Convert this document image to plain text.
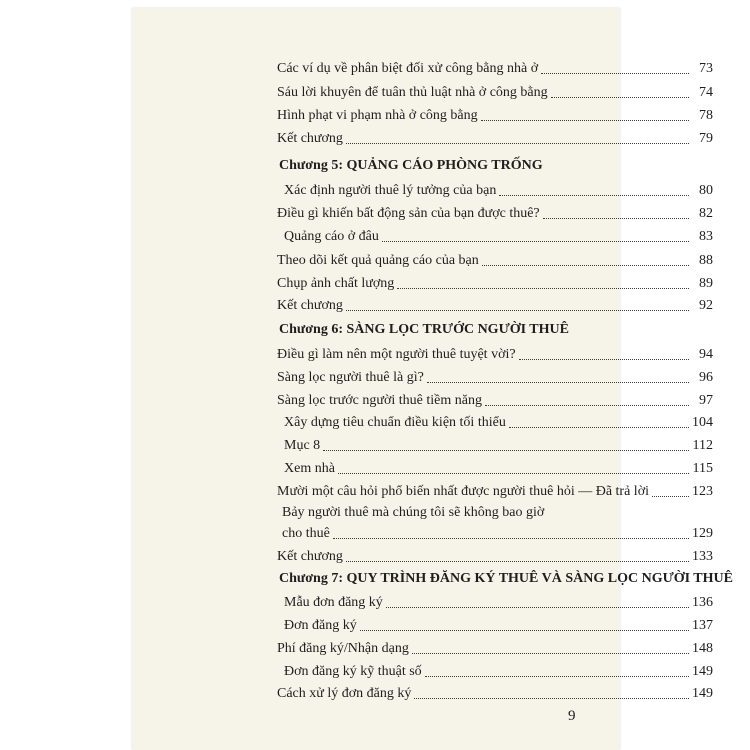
Các ví dụ về phân biệt đối xử công bằng nhà ở	73
Sáu lời khuyên để tuân thủ luật nhà ở công bằng	74
Hình phạt vi phạm nhà ở công bằng	78
Kết chương	79
Chương 5: QUẢNG CÁO PHÒNG TRỐNG
Xác định người thuê lý tưởng của bạn	80
Điều gì khiến bất động sản của bạn được thuê?	82
Quảng cáo ở đâu	83
Theo dõi kết quả quảng cáo của bạn	88
Chụp ảnh chất lượng	89
Kết chương	92
Chương 6: SÀNG LỌC TRƯỚC NGƯỜI THUÊ
Điều gì làm nên một người thuê tuyệt vời?	94
Sàng lọc người thuê là gì?	96
Sàng lọc trước người thuê tiềm năng	97
Xây dựng tiêu chuẩn điều kiện tối thiểu	104
Mục 8	112
Xem nhà	115
Mười một câu hỏi phổ biến nhất được người thuê hỏi — Đã trả lời	123
Bảy người thuê mà chúng tôi sẽ không bao giờ
cho thuê	129
Kết chương	133
Chương 7: QUY TRÌNH ĐĂNG KÝ THUÊ VÀ SÀNG LỌC NGƯỜI THUÊ
Mẫu đơn đăng ký	136
Đơn đăng ký	137
Phí đăng ký/Nhận dạng	148
Đơn đăng ký kỹ thuật số	149
Cách xử lý đơn đăng ký	149
9
